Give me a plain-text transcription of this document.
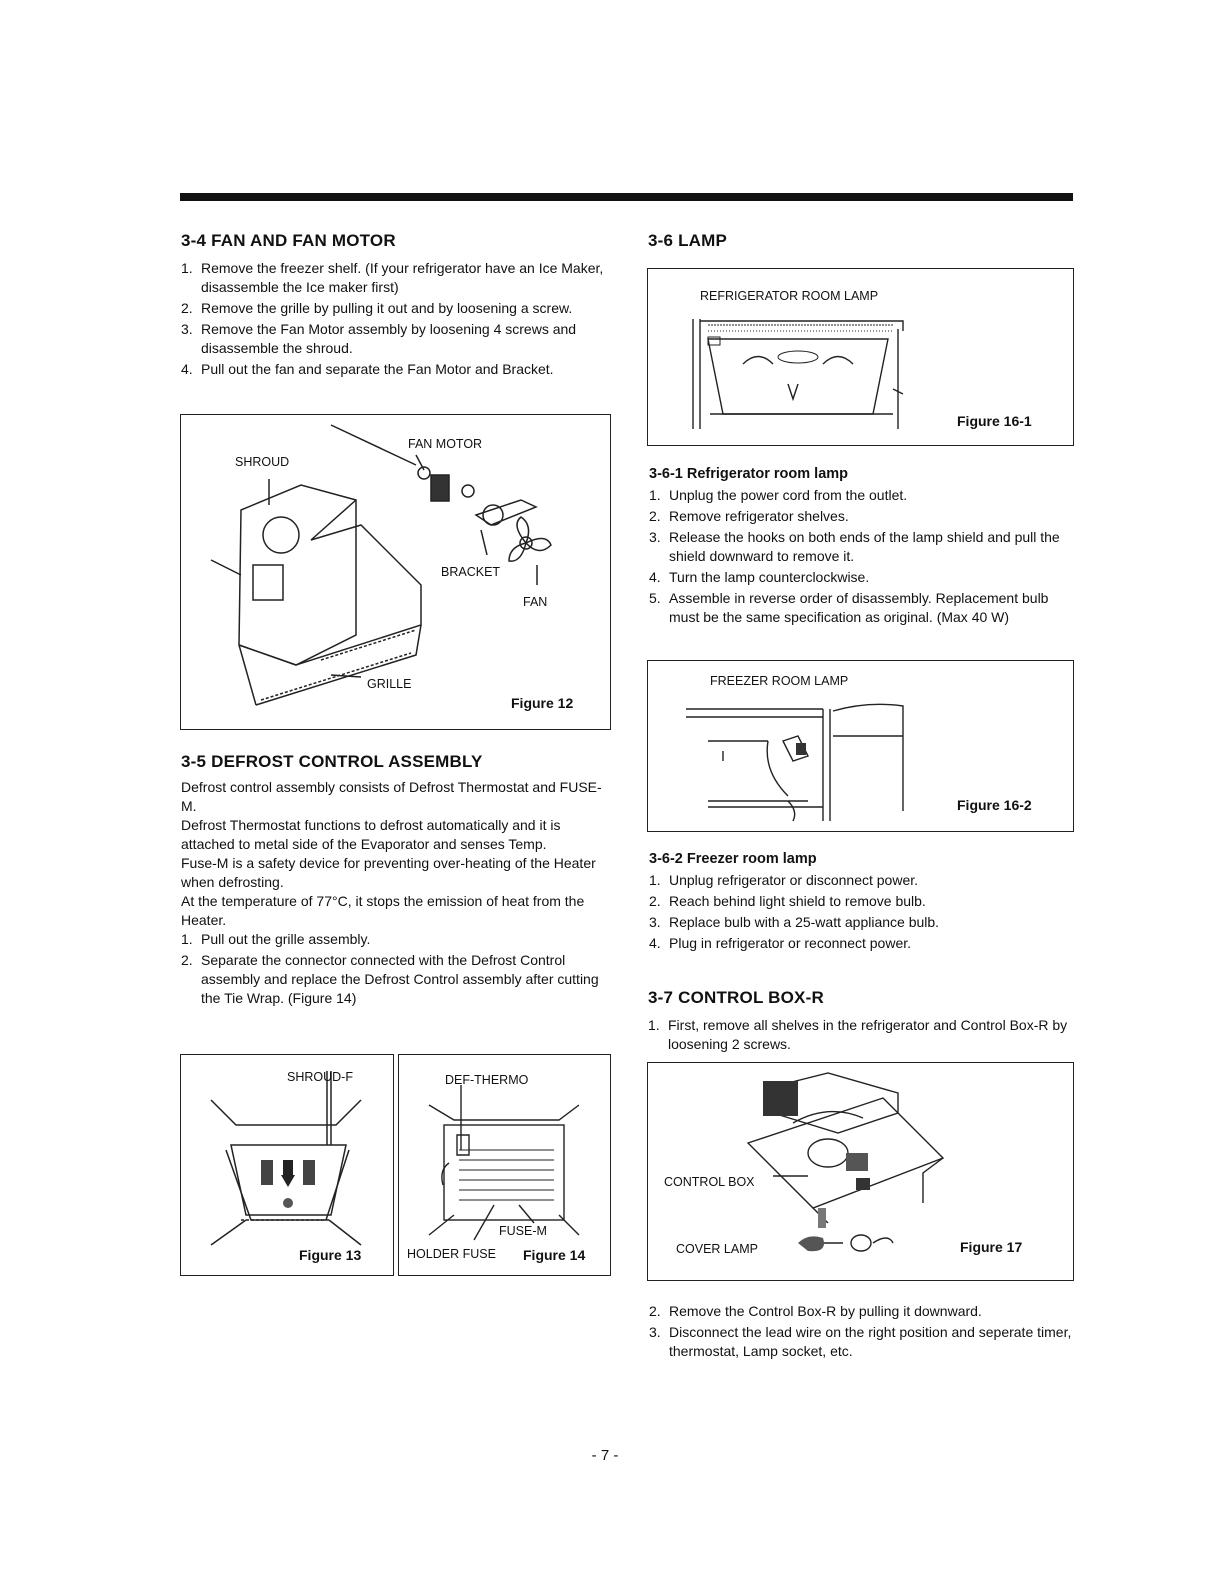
3-4 FAN AND FAN MOTOR
1. Remove the freezer shelf. (If your refrigerator have an Ice Maker, disassemble the Ice maker first)
2. Remove the grille by pulling it out and by loosening a screw.
3. Remove the Fan Motor assembly by loosening 4 screws and disassemble the shroud.
4. Pull out the fan and separate the Fan Motor and Bracket.
SHROUD
FAN MOTOR
BRACKET
FAN
GRILLE
Figure 12
3-5 DEFROST CONTROL ASSEMBLY

Defrost control assembly consists of Defrost Thermostat and FUSE-M.

Defrost Thermostat functions to defrost automatically and it is attached to metal side of the Evaporator and senses Temp.

Fuse-M is a safety device for preventing over-heating of the Heater when defrosting.

At the temperature of 77°C, it stops the emission of heat from the Heater.

1. Pull out the grille assembly.
2. Separate the connector connected with the Defrost Control assembly and replace the Defrost Control assembly after cutting the Tie Wrap. (Figure 14)
SHROUD-F
Figure 13
DEF-THERMO
FUSE-M
HOLDER FUSE Figure 14
3-6 LAMP
REFRIGERATOR ROOM LAMP
Figure 16-1
3-6-1 Refrigerator room lamp
1. Unplug the power cord from the outlet.
2. Remove refrigerator shelves.
3. Release the hooks on both ends of the lamp shield and pull the shield downward to remove it.
4. Turn the lamp counterclockwise.
5. Assemble in reverse order of disassembly. Replacement bulb must be the same specification as original. (Max 40 W)
FREEZER ROOM LAMP
Figure 16-2
3-6-2 Freezer room lamp
1. Unplug refrigerator or disconnect power.
2. Reach behind light shield to remove bulb.
3. Replace bulb with a 25-watt appliance bulb.
4. Plug in refrigerator or reconnect power.
3-7 CONTROL BOX-R
1. First, remove all shelves in the refrigerator and Control Box-R by loosening 2 screws.
CONTROL BOX
COVER LAMP	Figure 17
2. Remove the Control Box-R by pulling it downward.
3. Disconnect the lead wire on the right position and seperate timer, thermostat, Lamp socket, etc.
- 7 -
